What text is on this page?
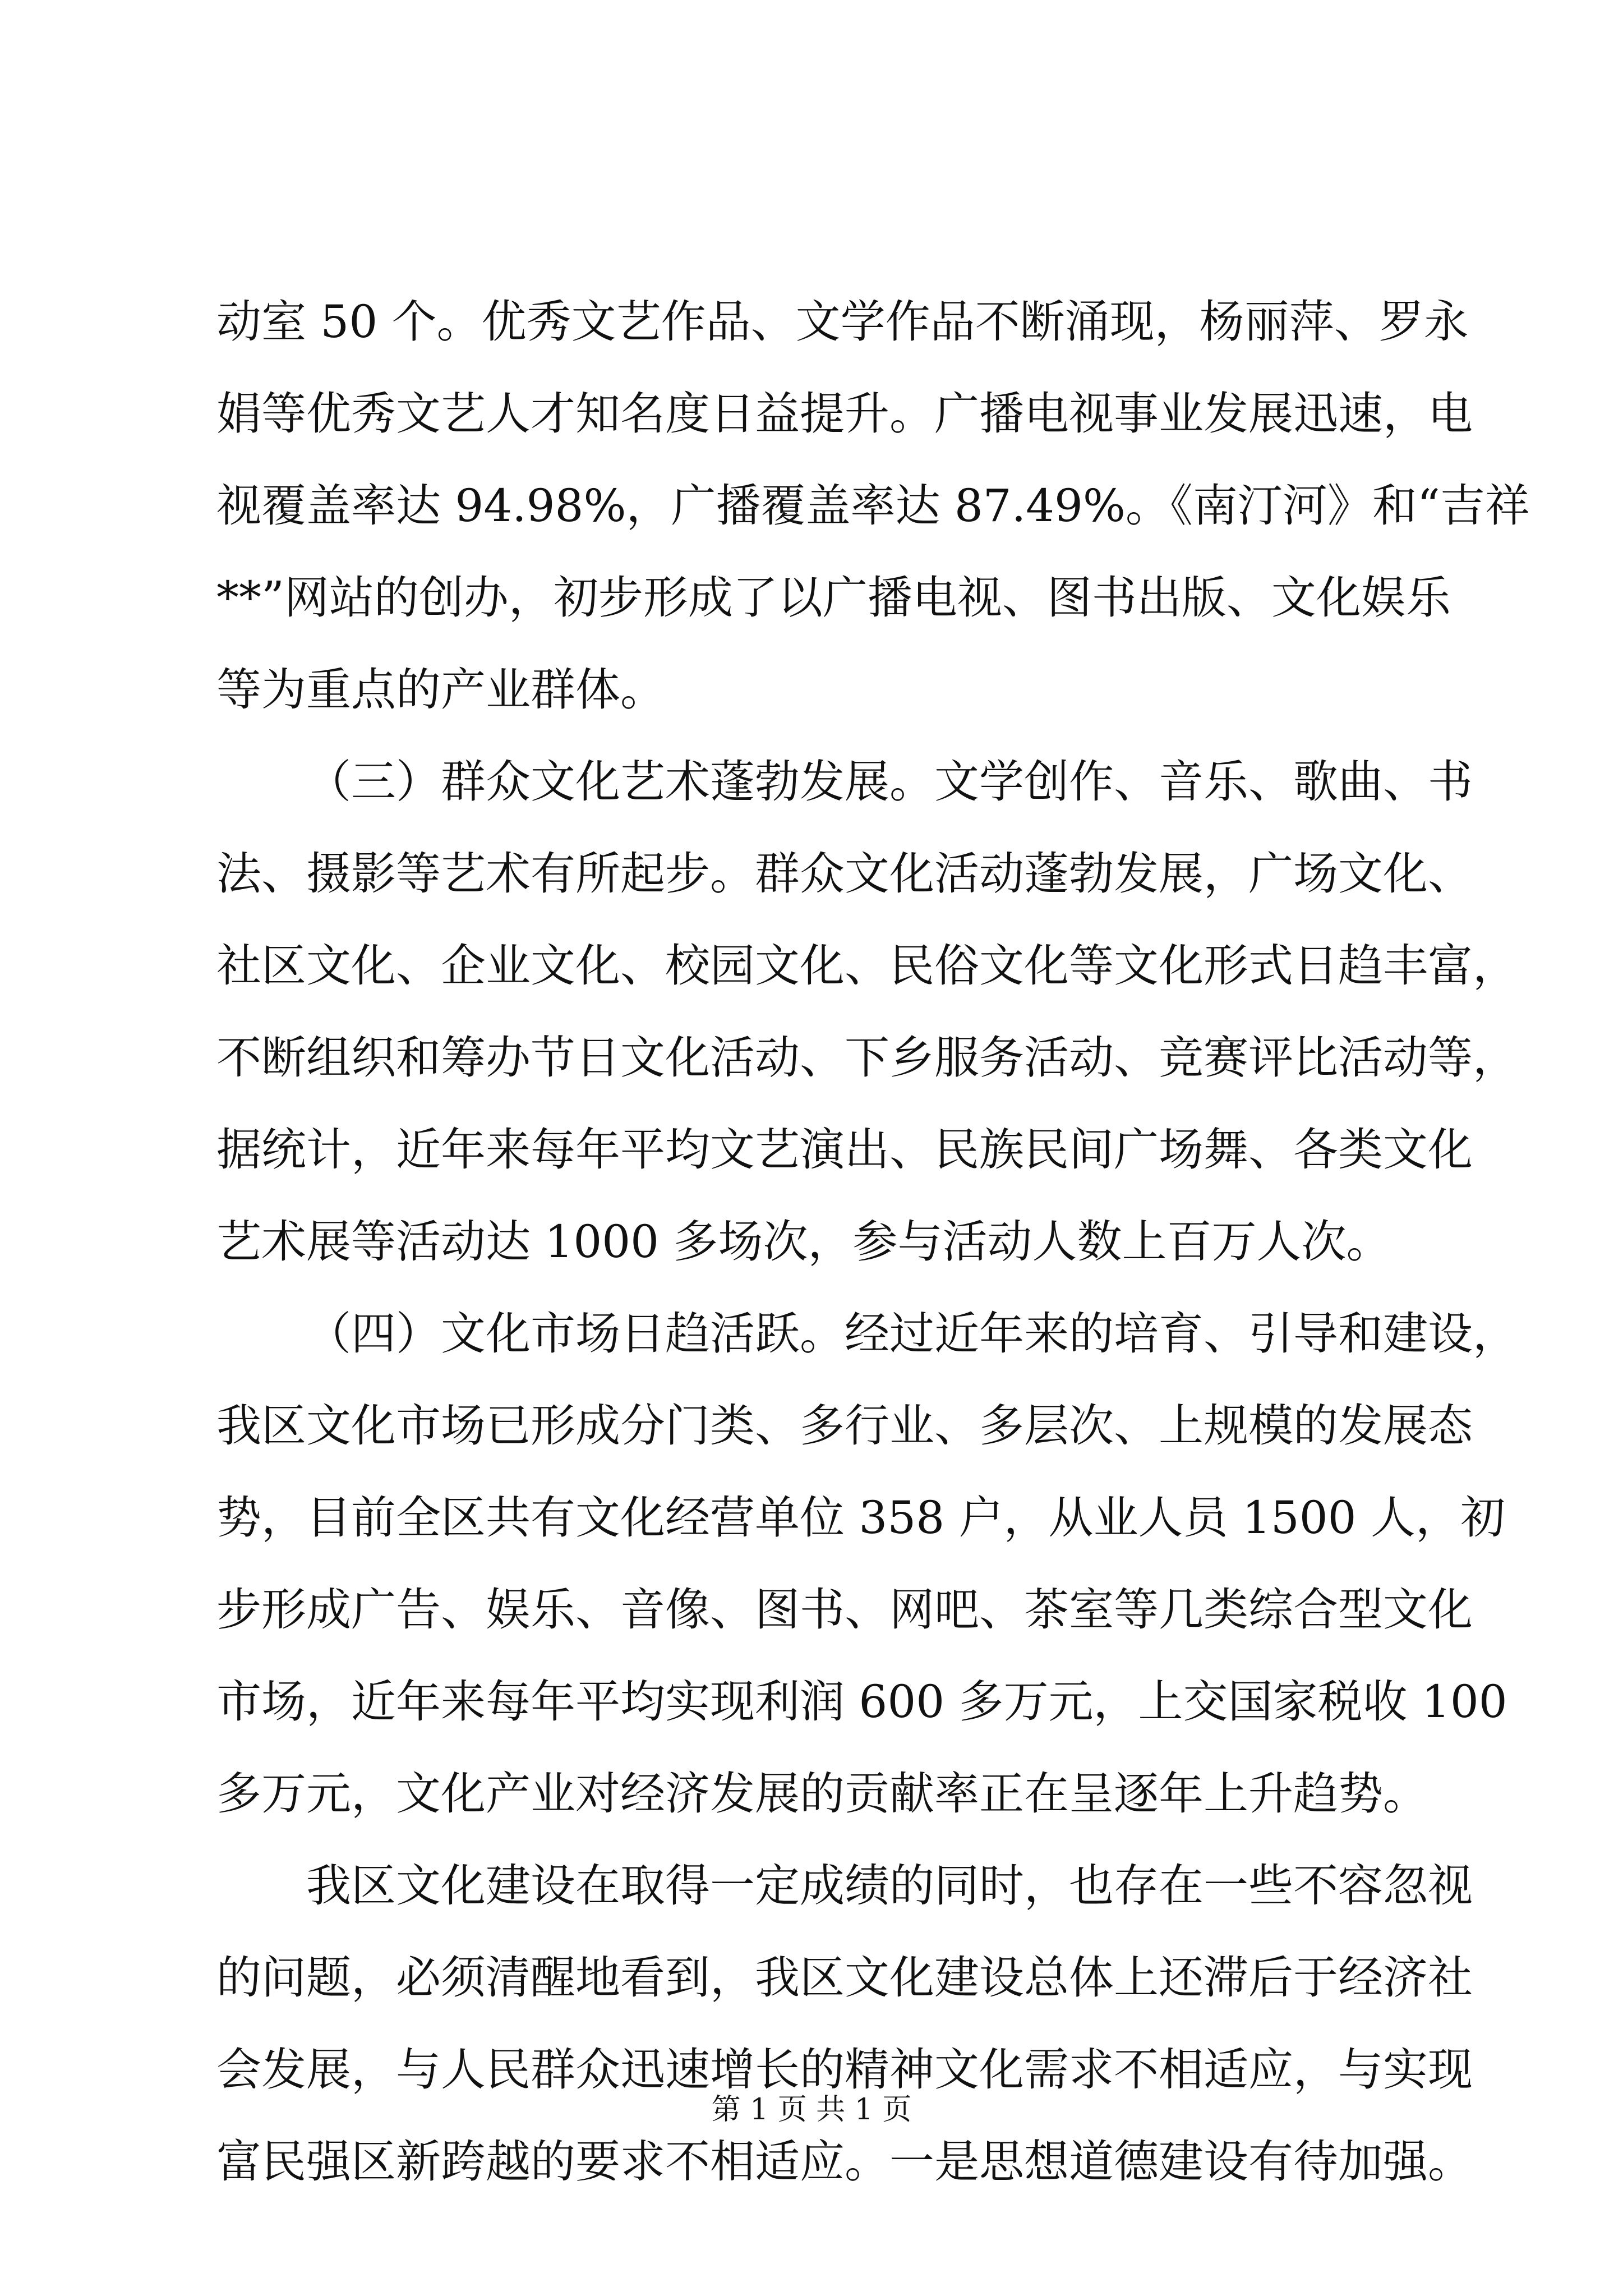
动室 50 个。优秀文艺作品、文学作品不断涌现，杨丽萍、罗永
娟等优秀文艺人才知名度日益提升。广播电视事业发展迅速，电
视覆盖率达 94.98%，广播覆盖率达 87.49%。《南汀河》和“吉祥
**”网站的创办，初步形成了以广播电视、图书出版、文化娱乐
等为重点的产业群体。
（三）群众文化艺术蓬勃发展。文学创作、音乐、歌曲、书
法、摄影等艺术有所起步。群众文化活动蓬勃发展，广场文化、
社区文化、企业文化、校园文化、民俗文化等文化形式日趋丰富，
不断组织和筹办节日文化活动、下乡服务活动、竞赛评比活动等，
据统计，近年来每年平均文艺演出、民族民间广场舞、各类文化
艺术展等活动达 1000 多场次，参与活动人数上百万人次。
（四）文化市场日趋活跃。经过近年来的培育、引导和建设，
我区文化市场已形成分门类、多行业、多层次、上规模的发展态
势，目前全区共有文化经营单位 358 户，从业人员 1500 人，初
步形成广告、娱乐、音像、图书、网吧、茶室等几类综合型文化
市场，近年来每年平均实现利润 600 多万元，上交国家税收 100
多万元，文化产业对经济发展的贡献率正在呈逐年上升趋势。
我区文化建设在取得一定成绩的同时，也存在一些不容忽视
的问题，必须清醒地看到，我区文化建设总体上还滞后于经济社
会发展，与人民群众迅速增长的精神文化需求不相适应，与实现
富民强区新跨越的要求不相适应。一是思想道德建设有待加强。
第 1 页 共 1 页
